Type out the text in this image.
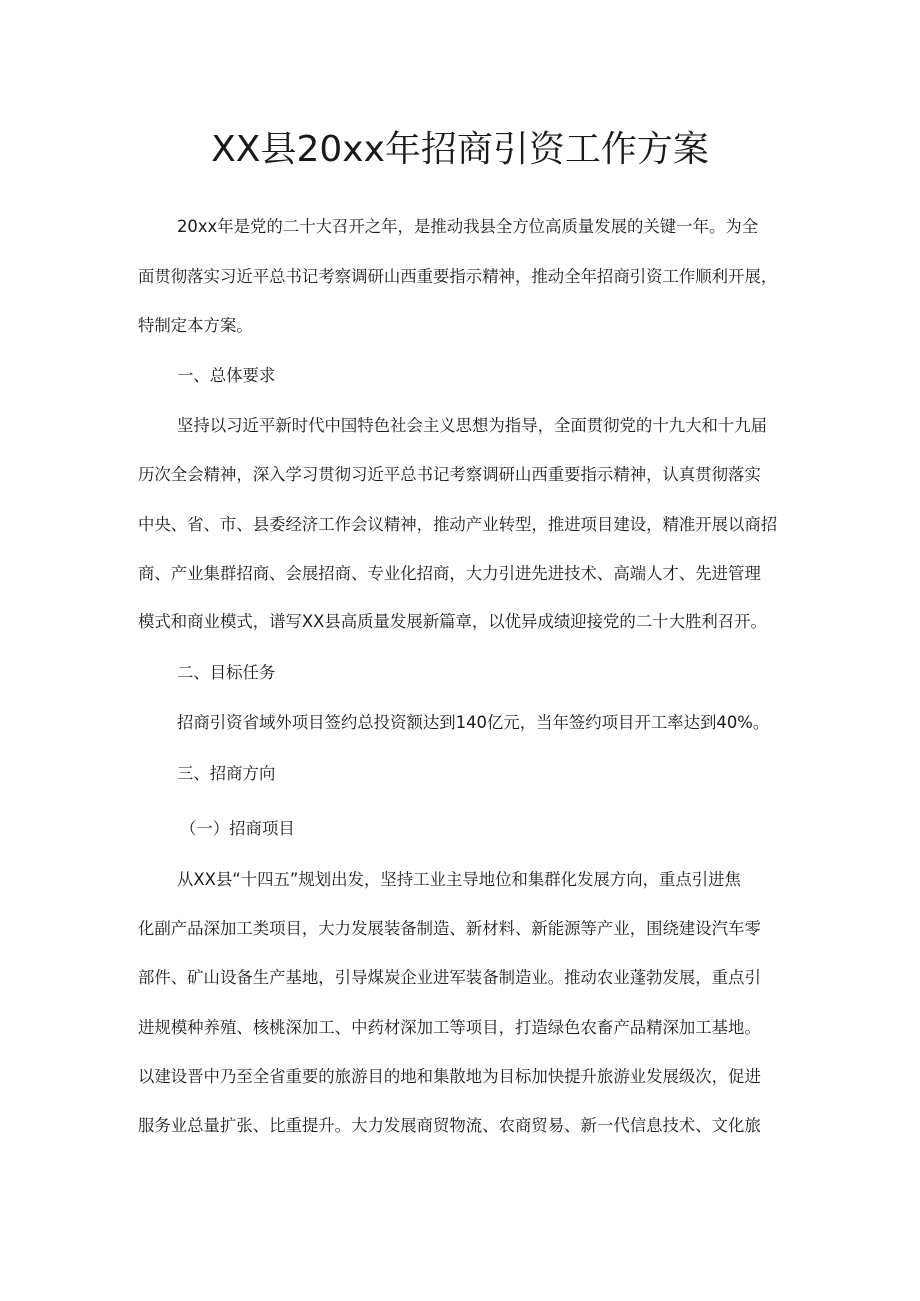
XX县20xx年招商引资工作方案

20xx年是党的二十大召开之年，是推动我县全方位高质量发展的关键一年。为全

面贯彻落实习近平总书记考察调研山西重要指示精神，推动全年招商引资工作顺利开展，

特制定本方案。

一、总体要求

坚持以习近平新时代中国特色社会主义思想为指导，全面贯彻党的十九大和十九届

历次全会精神，深入学习贯彻习近平总书记考察调研山西重要指示精神，认真贯彻落实

中央、省、市、县委经济工作会议精神，推动产业转型，推进项目建设，精准开展以商招

商、产业集群招商、会展招商、专业化招商，大力引进先进技术、高端人才、先进管理

模式和商业模式，谱写XX县高质量发展新篇章，以优异成绩迎接党的二十大胜利召开。

二、目标任务

招商引资省域外项目签约总投资额达到140亿元，当年签约项目开工率达到40%。

三、招商方向

（一）招商项目

从XX县“十四五”规划出发，坚持工业主导地位和集群化发展方向，重点引进焦

化副产品深加工类项目，大力发展装备制造、新材料、新能源等产业，围绕建设汽车零

部件、矿山设备生产基地，引导煤炭企业进军装备制造业。推动农业蓬勃发展，重点引

进规模种养殖、核桃深加工、中药材深加工等项目，打造绿色农畜产品精深加工基地。

以建设晋中乃至全省重要的旅游目的地和集散地为目标加快提升旅游业发展级次，促进

服务业总量扩张、比重提升。大力发展商贸物流、农商贸易、新一代信息技术、文化旅
